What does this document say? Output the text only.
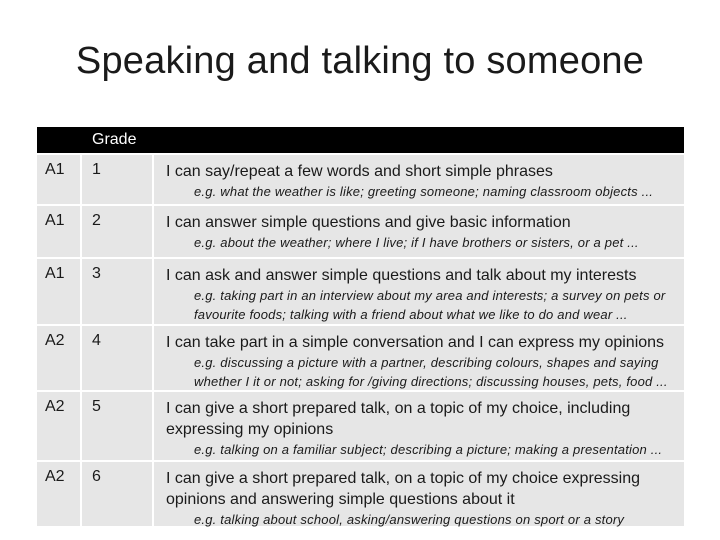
Speaking and talking to someone
Grade
A1	1	I can say/repeat a few words and short simple phrases
e.g. what the weather is like; greeting someone; naming classroom objects ...
A1	2	I can answer simple questions and give basic information
e.g. about the weather; where I live; if I have brothers or sisters, or a pet ...
A1	3	I can ask and answer simple questions and talk about my interests
e.g. taking part in an interview about my area and interests; a survey on pets or favourite foods; talking with a friend about what we like to do and wear ...
A2	4	I can take part in a simple conversation and I can express my opinions
e.g. discussing a picture with a partner, describing colours, shapes and saying whether I it or not; asking for /giving directions; discussing houses, pets, food ...
A2	5	I can give a short prepared talk, on a topic of my choice, including expressing my opinions
e.g. talking on a familiar subject; describing a picture; making a presentation ...
A2	6	I can give a short prepared talk, on a topic of my choice expressing opinions and answering simple questions about it
e.g. talking about school, asking/answering questions on sport or a story
